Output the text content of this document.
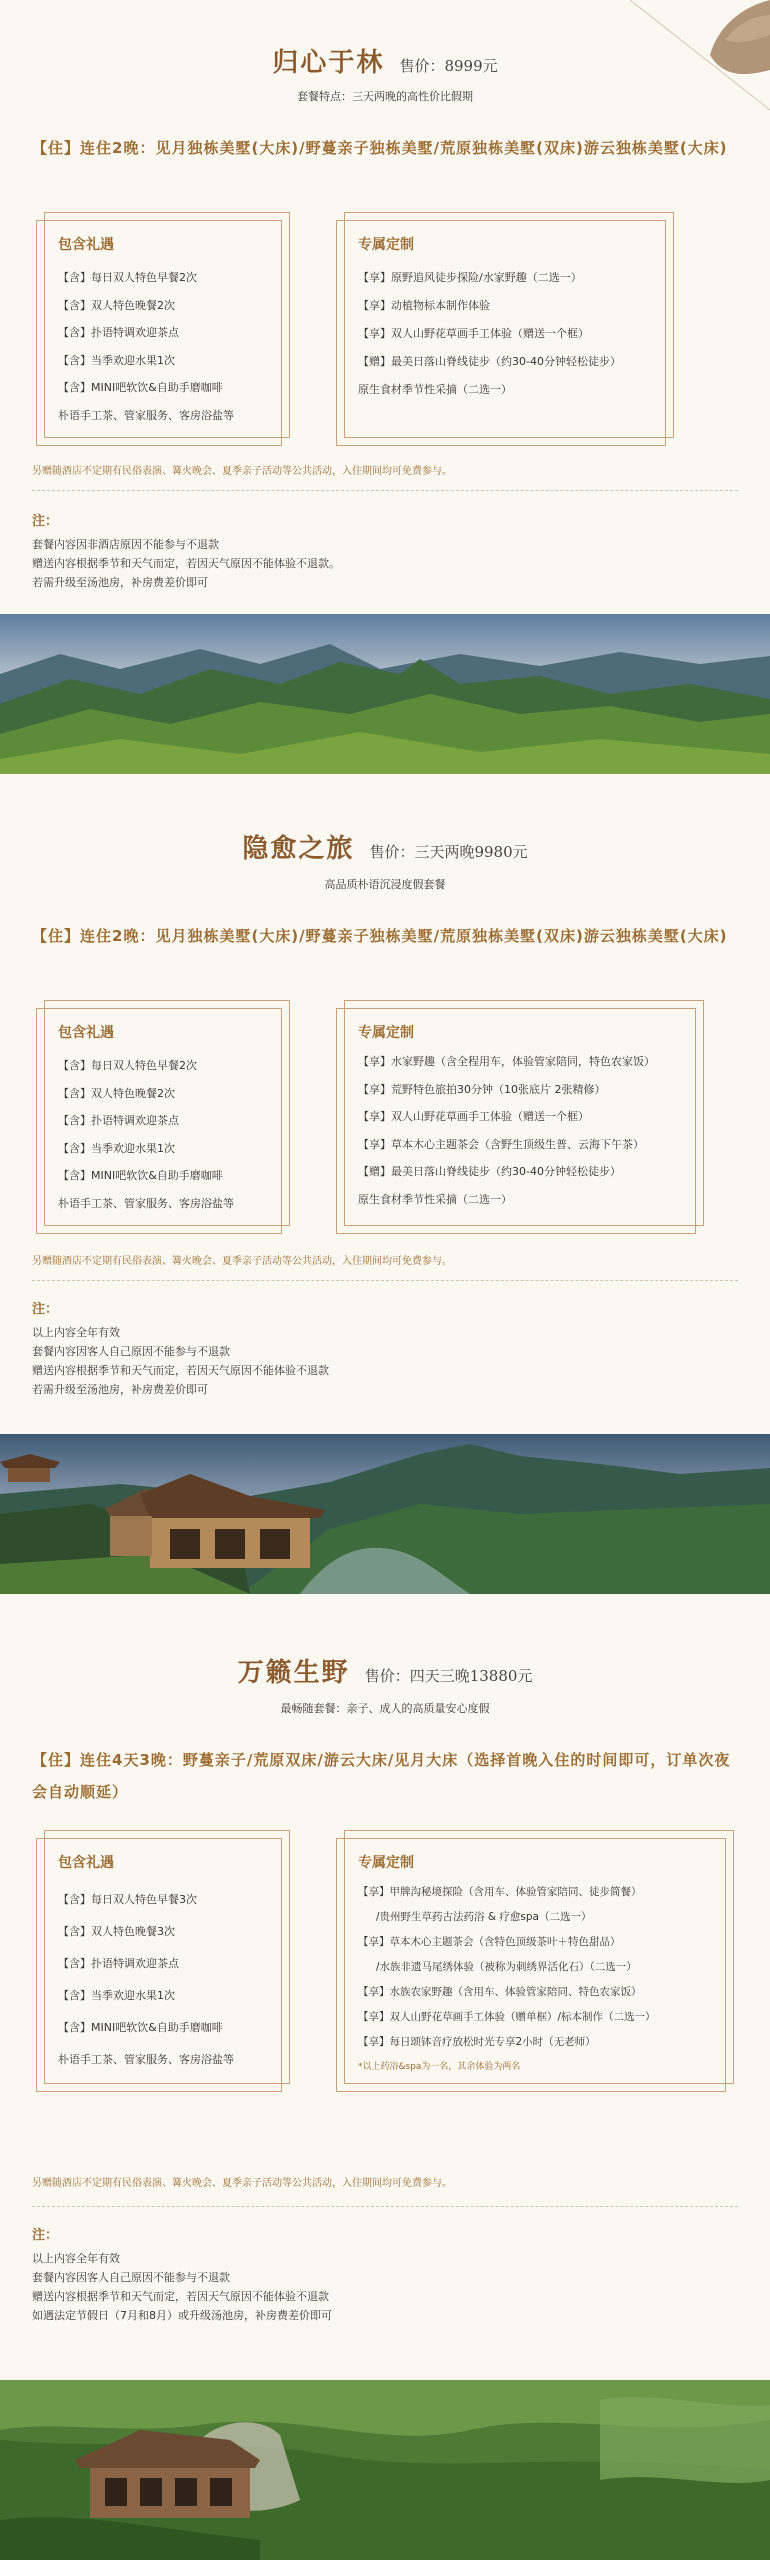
归心于林 售价：8999元
套餐特点：三天两晚的高性价比假期
【住】连住2晚：见月独栋美墅(大床)/野蔓亲子独栋美墅/荒原独栋美墅(双床)游云独栋美墅(大床)
包含礼遇
【含】每日双人特色早餐2次
【含】双人特色晚餐2次
【含】扑语特调欢迎茶点
【含】当季欢迎水果1次
【含】MINI吧软饮&自助手磨咖啡
朴语手工茶、管家服务、客房浴盐等
专属定制
【享】原野追风徒步探险/水家野趣（二选一）
【享】动植物标本制作体验
【享】双人山野花草画手工体验（赠送一个框）
【赠】最美日落山脊线徒步（约30-40分钟轻松徒步）
原生食材季节性采摘（二选一）
另赠随酒店不定期有民俗表演、篝火晚会、夏季亲子活动等公共活动，入住期间均可免费参与。
注：
套餐内容因非酒店原因不能参与不退款
赠送内容根据季节和天气而定，若因天气原因不能体验不退款。
若需升级至汤池房，补房费差价即可
隐愈之旅 售价：三天两晚9980元
高品质朴语沉浸度假套餐
【住】连住2晚：见月独栋美墅(大床)/野蔓亲子独栋美墅/荒原独栋美墅(双床)游云独栋美墅(大床)
包含礼遇
【含】每日双人特色早餐2次
【含】双人特色晚餐2次
【含】扑语特调欢迎茶点
【含】当季欢迎水果1次
【含】MINI吧软饮&自助手磨咖啡
朴语手工茶、管家服务、客房浴盐等
专属定制
【享】水家野趣（含全程用车，体验管家陪同，特色农家饭）
【享】荒野特色旅拍30分钟（10张底片 2张精修）
【享】双人山野花草画手工体验（赠送一个框）
【享】草本木心主题茶会（含野生顶级生普、云海下午茶）
【赠】最美日落山脊线徒步（约30-40分钟轻松徒步）
原生食材季节性采摘（二选一）
另赠随酒店不定期有民俗表演、篝火晚会、夏季亲子活动等公共活动，入住期间均可免费参与。
注：
以上内容全年有效
套餐内容因客人自己原因不能参与不退款
赠送内容根据季节和天气而定，若因天气原因不能体验不退款
若需升级至汤池房，补房费差价即可
万籁生野 售价：四天三晚13880元
最畅随套餐：亲子、成人的高质量安心度假
【住】连住4天3晚：野蔓亲子/荒原双床/游云大床/见月大床（选择首晚入住的时间即可，订单次夜会自动顺延）
包含礼遇
【含】每日双人特色早餐3次
【含】双人特色晚餐3次
【含】扑语特调欢迎茶点
【含】当季欢迎水果1次
【含】MINI吧软饮&自助手磨咖啡
朴语手工茶、管家服务、客房浴盐等
专属定制
【享】甲牌沟秘境探险（含用车、体验管家陪同、徒步简餐）
/贵州野生草药古法药浴 & 疗愈spa（二选一）
【享】草本木心主题茶会（含特色顶级茶叶＋特色甜品）
/水族非遗马尾绣体验（被称为刺绣界活化石）（二选一）
【享】水族农家野趣（含用车、体验管家陪同、特色农家饭）
【享】双人山野花草画手工体验（赠单框）/标本制作（二选一）
【享】每日颂钵音疗放松时光专享2小时（无老师）
*以上药浴&spa为一名，其余体验为两名
另赠随酒店不定期有民俗表演、篝火晚会、夏季亲子活动等公共活动，入住期间均可免费参与。
注：
以上内容全年有效
套餐内容因客人自己原因不能参与不退款
赠送内容根据季节和天气而定，若因天气原因不能体验不退款
如遇法定节假日（7月和8月）或升级汤池房，补房费差价即可
